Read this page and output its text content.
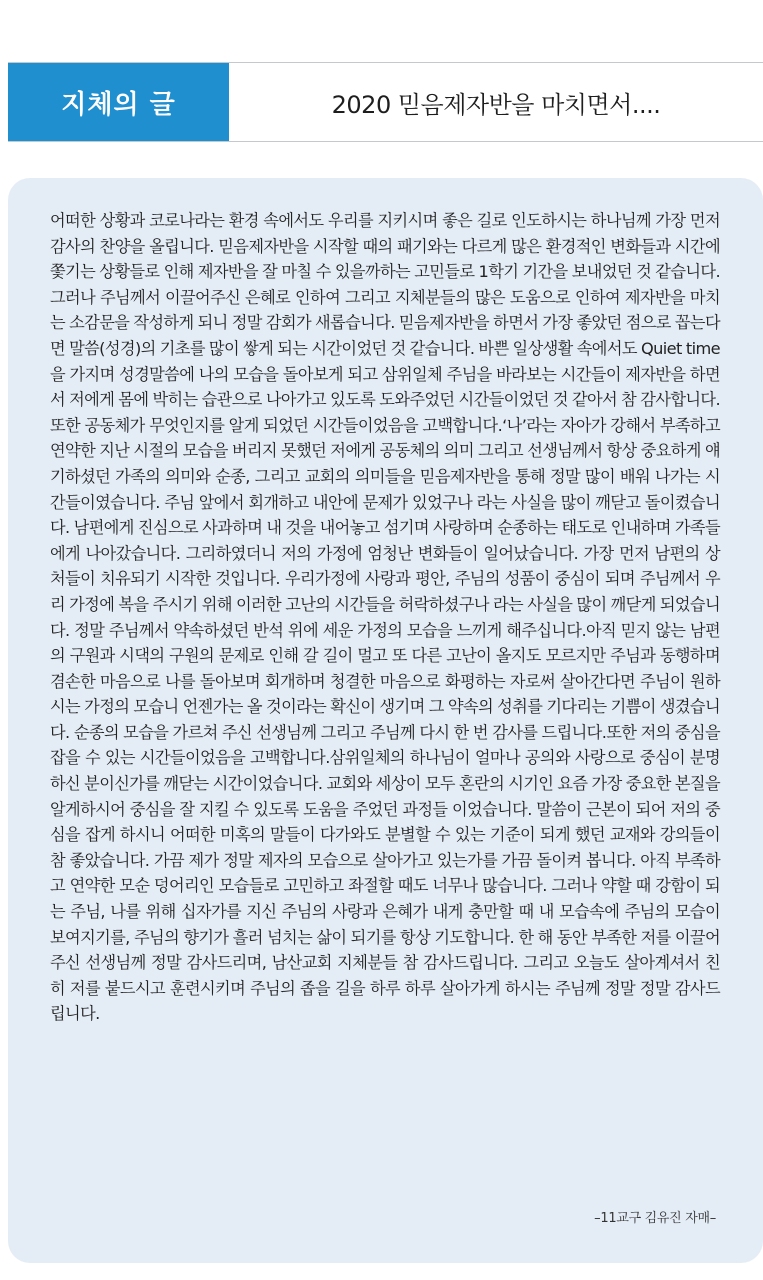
지체의 글	2020 믿음제자반을 마치면서....
어떠한 상황과 코로나라는 환경 속에서도 우리를 지키시며 좋은 길로 인도하시는 하나님께 가장 먼저 감사의 찬양을 올립니다. 믿음제자반을 시작할 때의 패기와는 다르게 많은 환경적인 변화들과 시간에 쫓기는 상황들로 인해 제자반을 잘 마칠 수 있을까하는 고민들로 1학기 기간을 보내었던 것 같습니다. 그러나 주님께서 이끌어주신 은혜로 인하여 그리고 지체분들의 많은 도움으로 인하여 제자반을 마치는 소감문을 작성하게 되니 정말 감회가 새롭습니다. 믿음제자반을 하면서 가장 좋았던 점으로 꼽는다면 말씀(성경)의 기초를 많이 쌓게 되는 시간이었던 것 같습니다. 바쁜 일상생활 속에서도 Quiet time을 가지며 성경말씀에 나의 모습을 돌아보게 되고 삼위일체 주님을 바라보는 시간들이 제자반을 하면서 저에게 몸에 박히는 습관으로 나아가고 있도록 도와주었던 시간들이었던 것 같아서 참 감사합니다. 또한 공동체가 무엇인지를 알게 되었던 시간들이었음을 고백합니다.‘나’라는 자아가 강해서 부족하고 연약한 지난 시절의 모습을 버리지 못했던 저에게 공동체의 의미 그리고 선생님께서 항상 중요하게 얘기하셨던 가족의 의미와 순종, 그리고 교회의 의미들을 믿음제자반을 통해 정말 많이 배워 나가는 시간들이였습니다. 주님 앞에서 회개하고 내안에 문제가 있었구나 라는 사실을 많이 깨닫고 돌이켰습니다. 남편에게 진심으로 사과하며 내 것을 내어놓고 섬기며 사랑하며 순종하는 태도로 인내하며 가족들에게 나아갔습니다. 그리하였더니 저의 가정에 엄청난 변화들이 일어났습니다. 가장 먼저 남편의 상처들이 치유되기 시작한 것입니다. 우리가정에 사랑과 평안, 주님의 성품이 중심이 되며 주님께서 우리 가정에 복을 주시기 위해 이러한 고난의 시간들을 허락하셨구나 라는 사실을 많이 깨닫게 되었습니다. 정말 주님께서 약속하셨던 반석 위에 세운 가정의 모습을 느끼게 해주십니다.아직 믿지 않는 남편의 구원과 시댁의 구원의 문제로 인해 갈 길이 멀고 또 다른 고난이 올지도 모르지만 주님과 동행하며 겸손한 마음으로 나를 돌아보며 회개하며 청결한 마음으로 화평하는 자로써 살아간다면 주님이 원하시는 가정의 모습니 언젠가는 올 것이라는 확신이 생기며 그 약속의 성취를 기다리는 기쁨이 생겼습니다. 순종의 모습을 가르쳐 주신 선생님께 그리고 주님께 다시 한 번 감사를 드립니다.또한 저의 중심을 잡을 수 있는 시간들이었음을 고백합니다.삼위일체의 하나님이 얼마나 공의와 사랑으로 중심이 분명하신 분이신가를 깨닫는 시간이었습니다. 교회와 세상이 모두 혼란의 시기인 요즘 가장 중요한 본질을 알게하시어 중심을 잘 지킬 수 있도록 도움을 주었던 과정들 이었습니다. 말씀이 근본이 되어 저의 중심을 잡게 하시니 어떠한 미혹의 말들이 다가와도 분별할 수 있는 기준이 되게 했던 교재와 강의들이 참 좋았습니다. 가끔 제가 정말 제자의 모습으로 살아가고 있는가를 가끔 돌이켜 봅니다. 아직 부족하고 연약한 모순 덩어리인 모습들로 고민하고 좌절할 때도 너무나 많습니다. 그러나 약할 때 강함이 되는 주님, 나를 위해 십자가를 지신 주님의 사랑과 은혜가 내게 충만할 때 내 모습속에 주님의 모습이 보여지기를, 주님의 향기가 흘러 넘치는 삶이 되기를 항상 기도합니다. 한 해 동안 부족한 저를 이끌어 주신 선생님께 정말 감사드리며, 남산교회 지체분들 참 감사드립니다. 그리고 오늘도 살아계셔서 친히 저를 붙드시고 훈련시키며 주님의 좁을 길을 하루 하루 살아가게 하시는 주님께 정말 정말 감사드립니다.
–11교구 김유진 자매–
